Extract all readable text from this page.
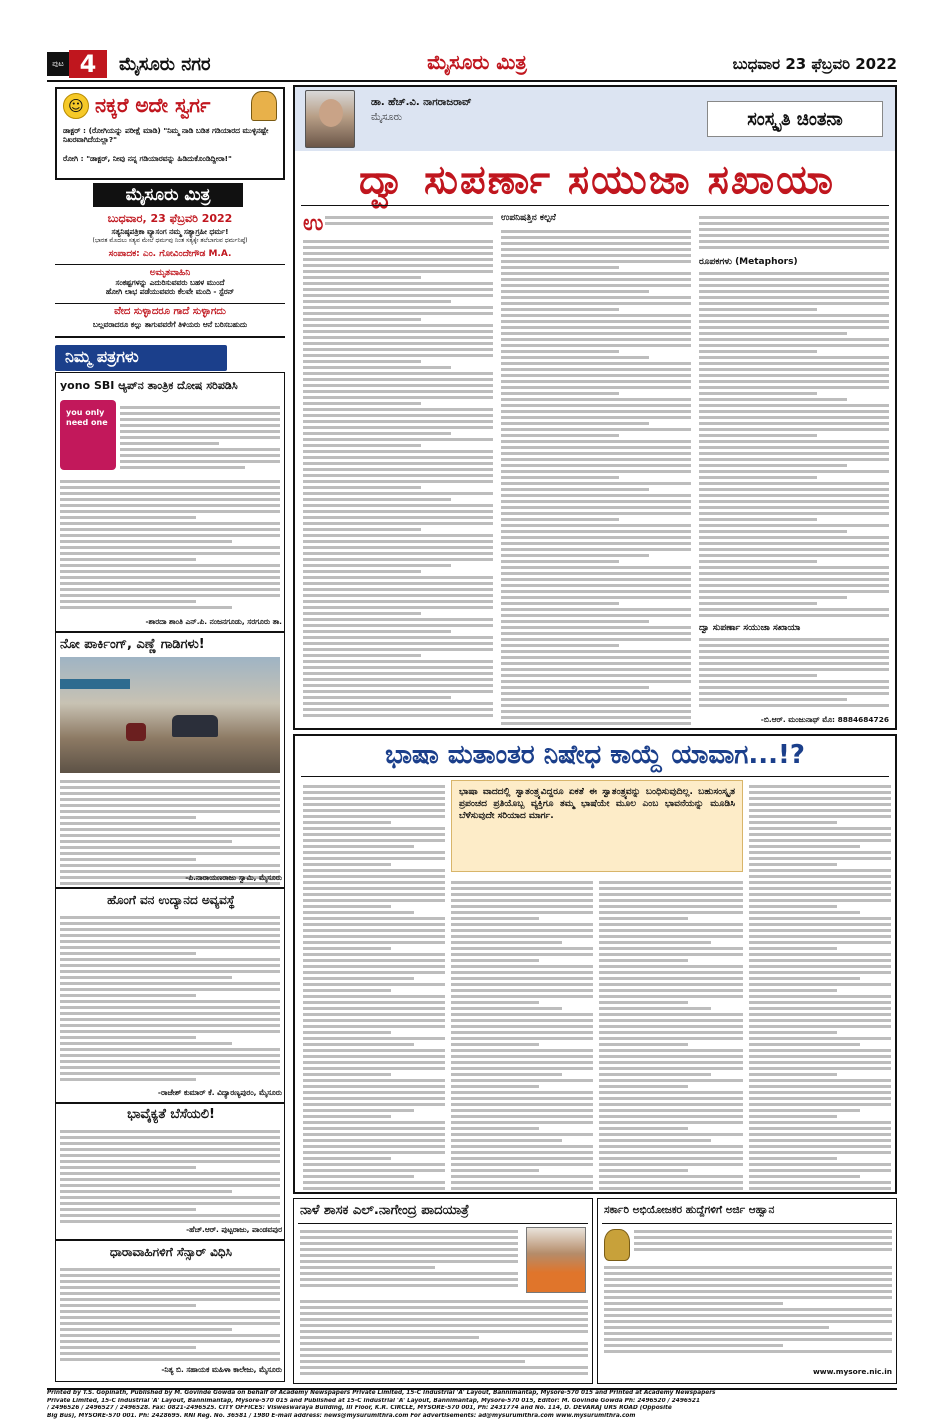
ಪುಟ 4	ಮೈಸೂರು ನಗರ	ಮೈಸೂರು ಮಿತ್ರ	ಬುಧವಾರ 23 ಫೆಬ್ರವರಿ 2022
☺ ನಕ್ಕರೆ ಅದೇ ಸ್ವರ್ಗ
ಡಾಕ್ಟರ್ : (ರೋಗಿಯನ್ನು ಪರೀಕ್ಷೆ ಮಾಡಿ) "ನಿಮ್ಮ ನಾಡಿ ಬಡಿತ ಗಡಿಯಾರದ ಮುಳ್ಳಿನಷ್ಟೇ ನಿಖರವಾಗಿದೆಯಲ್ಲಾ?"
ರೋಗಿ : "ಡಾಕ್ಟರ್, ನೀವು ನನ್ನ ಗಡಿಯಾರವನ್ನು ಹಿಡಿದುಕೊಂಡಿದ್ದೀರಾ!"
ಮೈಸೂರು ಮಿತ್ರ
ಬುಧವಾರ, 23 ಫೆಬ್ರವರಿ 2022
ಸತ್ಯನಿಷ್ಠಪತ್ರಿಕಾ ವ್ಯಾಸಂಗ ನಮ್ಮ ಸತ್ಯಾಗ್ರಹೀ ಧರ್ಮ!
(ಭಾರತ ಮೊದಲು ಸತ್ಯವ ಮೇಲೆ ಧರ್ಮವು ನಿಂತ ಸತ್ಯಕ್ಕೇ ತಲೆಬಾಗುವ ಧರ್ಮನಿಷ್ಠೆ)
ಸಂಪಾದಕ: ಎಂ. ಗೋವಿಂದೇಗೌಡ M.A.
ಅಮೃತವಾಹಿನಿ
ಸಂಕಷ್ಟಗಳನ್ನು ಎದುರಿಸುವವರು ಬಹಳ ಮುಂದೆ
ಹೋಗಿ ಲಾಭ ಪಡೆಯುವವರು ಕೆಲವೇ ಮಂದಿ - ಸ್ಟೆರನ್
ವೇದ ಸುಳ್ಳಾದರೂ ಗಾದೆ ಸುಳ್ಳಾಗದು
ಬಲ್ಲವರಾದರೂ ಕಲ್ಲು ತಾಗುವವರೆಗೆ ತಿಳಿಯರು ಆನೆ ಬರಿಸಬಹುದು
ನಿಮ್ಮ ಪತ್ರಗಳು
yono SBI ಆ್ಯಪ್‌ನ ತಾಂತ್ರಿಕ ದೋಷ ಸರಿಪಡಿಸಿ
you only need one
-ಶಾರದಾ ಶಾಂತಿ ಎನ್.ಪಿ. ನಂಜನಗೂಡು, ಸರಗೂರು ತಾ.
ನೋ ಪಾರ್ಕಿಂಗ್, ಎಣ್ಣೆ ಗಾಡಿಗಳು!
-ಪಿ.ನಾರಾಯಣರಾಜು ಸ್ವಾಮಿ, ಮೈಸೂರು
ಹೊಂಗೆ ವನ ಉದ್ಯಾನದ ಅವ್ಯವಸ್ಥೆ
-ರಾಜೇಶ್ ಕುಮಾರ್ ಕೆ. ವಿದ್ಯಾರಣ್ಯಪುರಂ, ಮೈಸೂರು
ಭಾವೈಕ್ಯತೆ ಬೆಸೆಯಲಿ!
-ಹೆಚ್.ಆರ್. ಪುಟ್ಟರಾಜು, ಪಾಂಡವಪುರ
ಧಾರಾವಾಹಿಗಳಿಗೆ ಸೆನ್ಸಾರ್ ವಿಧಿಸಿ
-ನಿತ್ಯ ಬಿ. ಸಹಾಯಕ ಮಹಿಳಾ ಕಾಲೇಜು, ಮೈಸೂರು
ಡಾ. ಹೆಚ್.ವಿ. ನಾಗರಾಜರಾವ್
ಮೈಸೂರು	ಸಂಸ್ಕೃತಿ ಚಿಂತನಾ
ದ್ವಾ ಸುಪರ್ಣಾ ಸಯುಜಾ ಸಖಾಯಾ
ಉ	ಉಪನಿಷತ್ತಿನ ಕಲ್ಪನೆ
ರೂಪಕಗಳು (Metaphors)
ದ್ವಾ ಸುಪರ್ಣಾ ಸಯುಜಾ ಸಖಾಯಾ
-ಬಿ.ಆರ್. ಮಂಜುನಾಥ್ ಮೊ: 8884684726
ಭಾಷಾ ಮತಾಂತರ ನಿಷೇಧ ಕಾಯ್ದೆ ಯಾವಾಗ...!?
ಭಾಷಾ ವಾದದಲ್ಲಿ ಸ್ವಾತಂತ್ರ್ಯವಿದ್ದರೂ ಏಕತೆ ಈ ಸ್ವಾತಂತ್ರ್ಯವನ್ನು ಬಂಧಿಸುವುದಿಲ್ಲ. ಬಹುಸಂಸ್ಕೃತ ಪ್ರಪಂಚದ ಪ್ರತಿಯೊಬ್ಬ ವ್ಯಕ್ತಿಗೂ ತಮ್ಮ ಭಾಷೆಯೇ ಮೂಲ ಎಂಬ ಭಾವನೆಯನ್ನು ಮೂಡಿಸಿ ಬೆಳೆಸುವುದೇ ಸರಿಯಾದ ಮಾರ್ಗ.
ನಾಳೆ ಶಾಸಕ ಎಲ್.ನಾಗೇಂದ್ರ ಪಾದಯಾತ್ರೆ	ಸರ್ಕಾರಿ ಅಭಿಯೋಜಕರ ಹುದ್ದೆಗಳಿಗೆ ಅರ್ಜಿ ಆಹ್ವಾನ
www.mysore.nic.in
Printed by T.S. Gopinath, Published by M. Govinde Gowda on behalf of Academy Newspapers Private Limited, 15-C Industrial 'A' Layout, Bannimantap, Mysore-570 015 and Printed at Academy Newspapers
Private Limited, 15-C Industrial 'A' Layout, Bannimantap, Mysore-570 015 and Published at 15-C Industrial 'A' Layout, Bannimantap, Mysore-570 015, Editor: M. Govinde Gowda Ph: 2496520 / 2496521
/ 2496526 / 2496527 / 2496528. Fax: 0821-2496525. CITY OFFICES: Visweswaraya Building, III Floor, K.R. CIRCLE, MYSORE-570 001, Ph: 2431774 and No. 114, D. DEVARAJ URS ROAD (Opposite
Big Bus), MYSORE-570 001. Ph: 2428695. RNI Reg. No. 36581 / 1980 E-mail address: news@mysurumithra.com For advertisements: ad@mysurumithra.com www.mysurumithra.com
